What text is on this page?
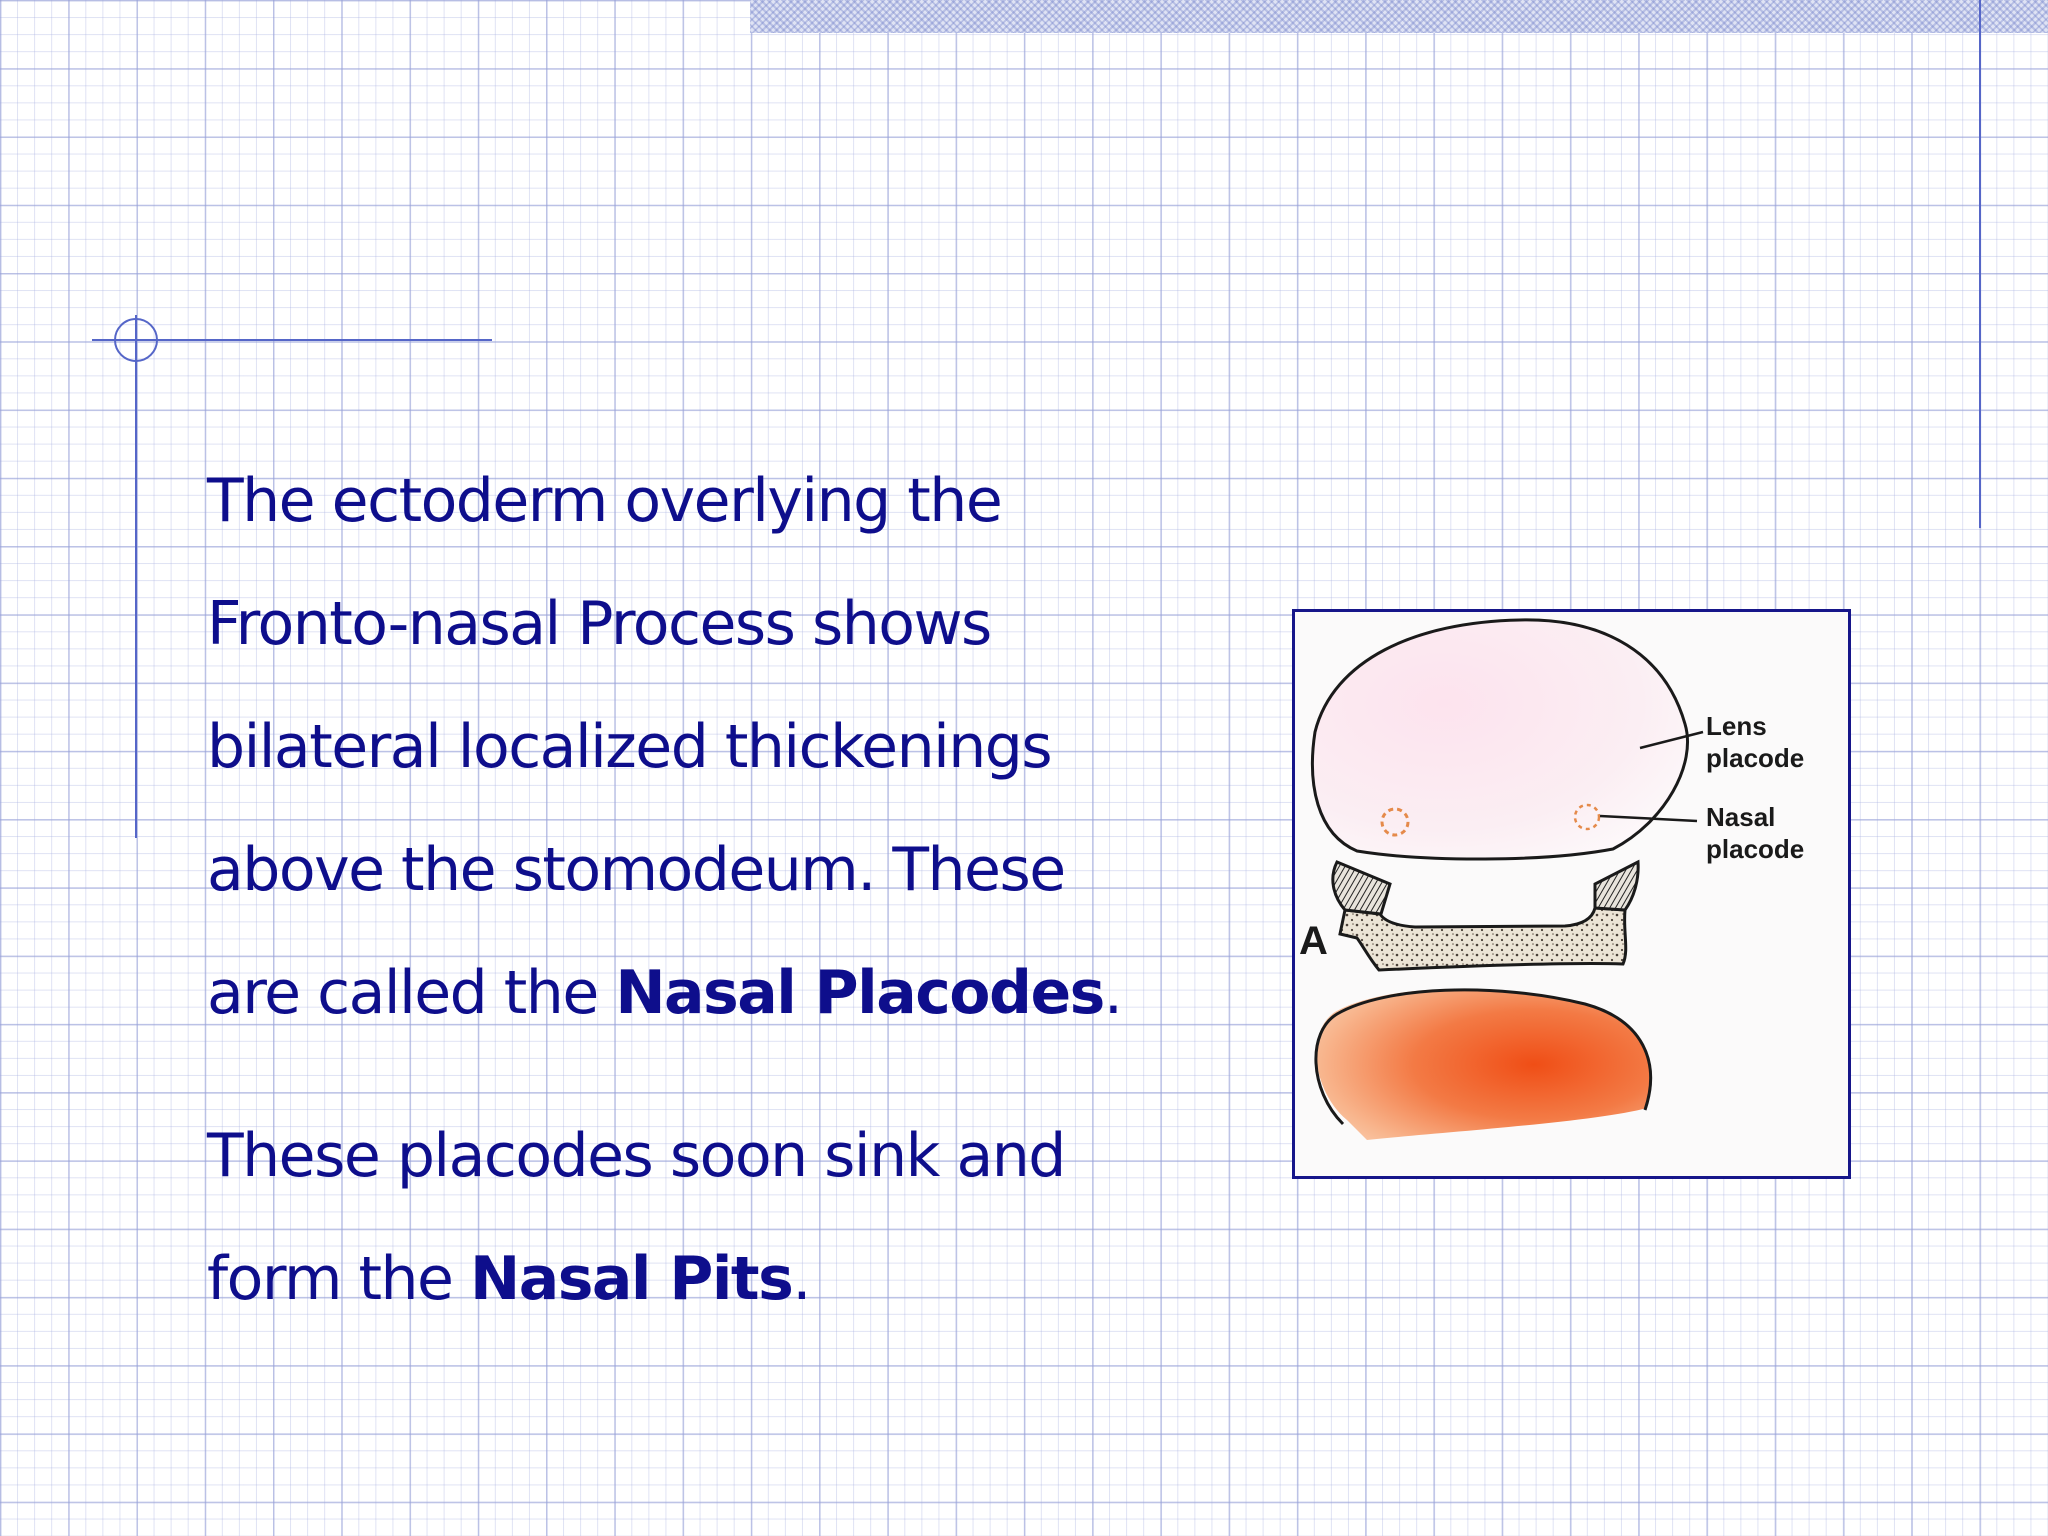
The ectoderm overlying the
Fronto-nasal Process shows
bilateral localized thickenings
above the stomodeum. These
are called the Nasal Placodes.

These placodes soon sink and
form the Nasal Pits.

Lens
placode
Nasal
placode
A
